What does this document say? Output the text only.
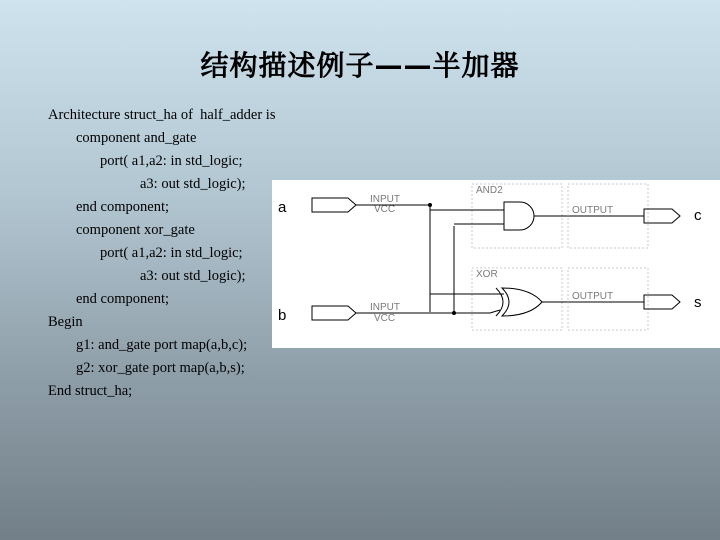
结构描述例子——半加器
Architecture struct_ha of  half_adder is
component and_gate
port( a1,a2: in std_logic;
a3: out std_logic);
end component;
component xor_gate
port( a1,a2: in std_logic;
a3: out std_logic);
end component;
Begin
g1: and_gate port map(a,b,c);
g2: xor_gate port map(a,b,s);
End struct_ha;
a	INPUT
VCC
b	INPUT
VCC
AND2
XOR
OUTPUT	c
OUTPUT	s
